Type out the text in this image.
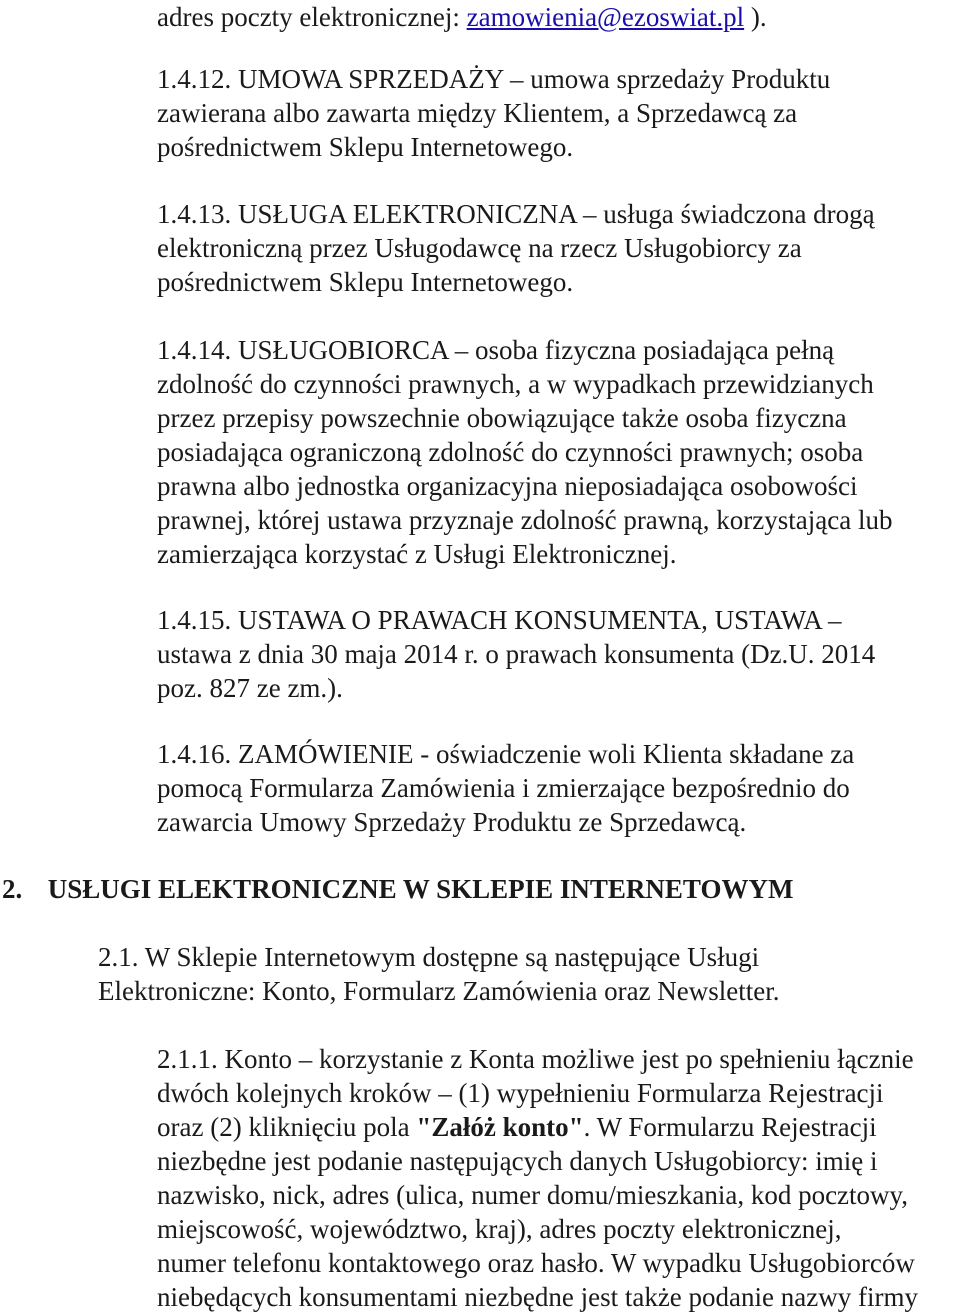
adres poczty elektronicznej: zamowienia@ezoswiat.pl ).

1.4.12. UMOWA SPRZEDAŻY – umowa sprzedaży Produktu
zawierana albo zawarta między Klientem, a Sprzedawcą za
pośrednictwem Sklepu Internetowego.
1.4.13. USŁUGA ELEKTRONICZNA – usługa świadczona drogą
elektroniczną przez Usługodawcę na rzecz Usługobiorcy za
pośrednictwem Sklepu Internetowego.
1.4.14. USŁUGOBIORCA – osoba fizyczna posiadająca pełną
zdolność do czynności prawnych, a w wypadkach przewidzianych
przez przepisy powszechnie obowiązujące także osoba fizyczna
posiadająca ograniczoną zdolność do czynności prawnych; osoba
prawna albo jednostka organizacyjna nieposiadająca osobowości
prawnej, której ustawa przyznaje zdolność prawną, korzystająca lub
zamierzająca korzystać z Usługi Elektronicznej.
1.4.15. USTAWA O PRAWACH KONSUMENTA, USTAWA –
ustawa z dnia 30 maja 2014 r. o prawach konsumenta (Dz.U. 2014
poz. 827 ze zm.).
1.4.16. ZAMÓWIENIE - oświadczenie woli Klienta składane za
pomocą Formularza Zamówienia i zmierzające bezpośrednio do
zawarcia Umowy Sprzedaży Produktu ze Sprzedawcą.
2. USŁUGI ELEKTRONICZNE W SKLEPIE INTERNETOWYM
2.1. W Sklepie Internetowym dostępne są następujące Usługi
Elektroniczne: Konto, Formularz Zamówienia oraz Newsletter.
2.1.1. Konto – korzystanie z Konta możliwe jest po spełnieniu łącznie
dwóch kolejnych kroków – (1) wypełnieniu Formularza Rejestracji
oraz (2) kliknięciu pola "Załóż konto". W Formularzu Rejestracji
niezbędne jest podanie następujących danych Usługobiorcy: imię i
nazwisko, nick, adres (ulica, numer domu/mieszkania, kod pocztowy,
miejscowość, województwo, kraj), adres poczty elektronicznej,
numer telefonu kontaktowego oraz hasło. W wypadku Usługobiorców
niebędących konsumentami niezbędne jest także podanie nazwy firmy
